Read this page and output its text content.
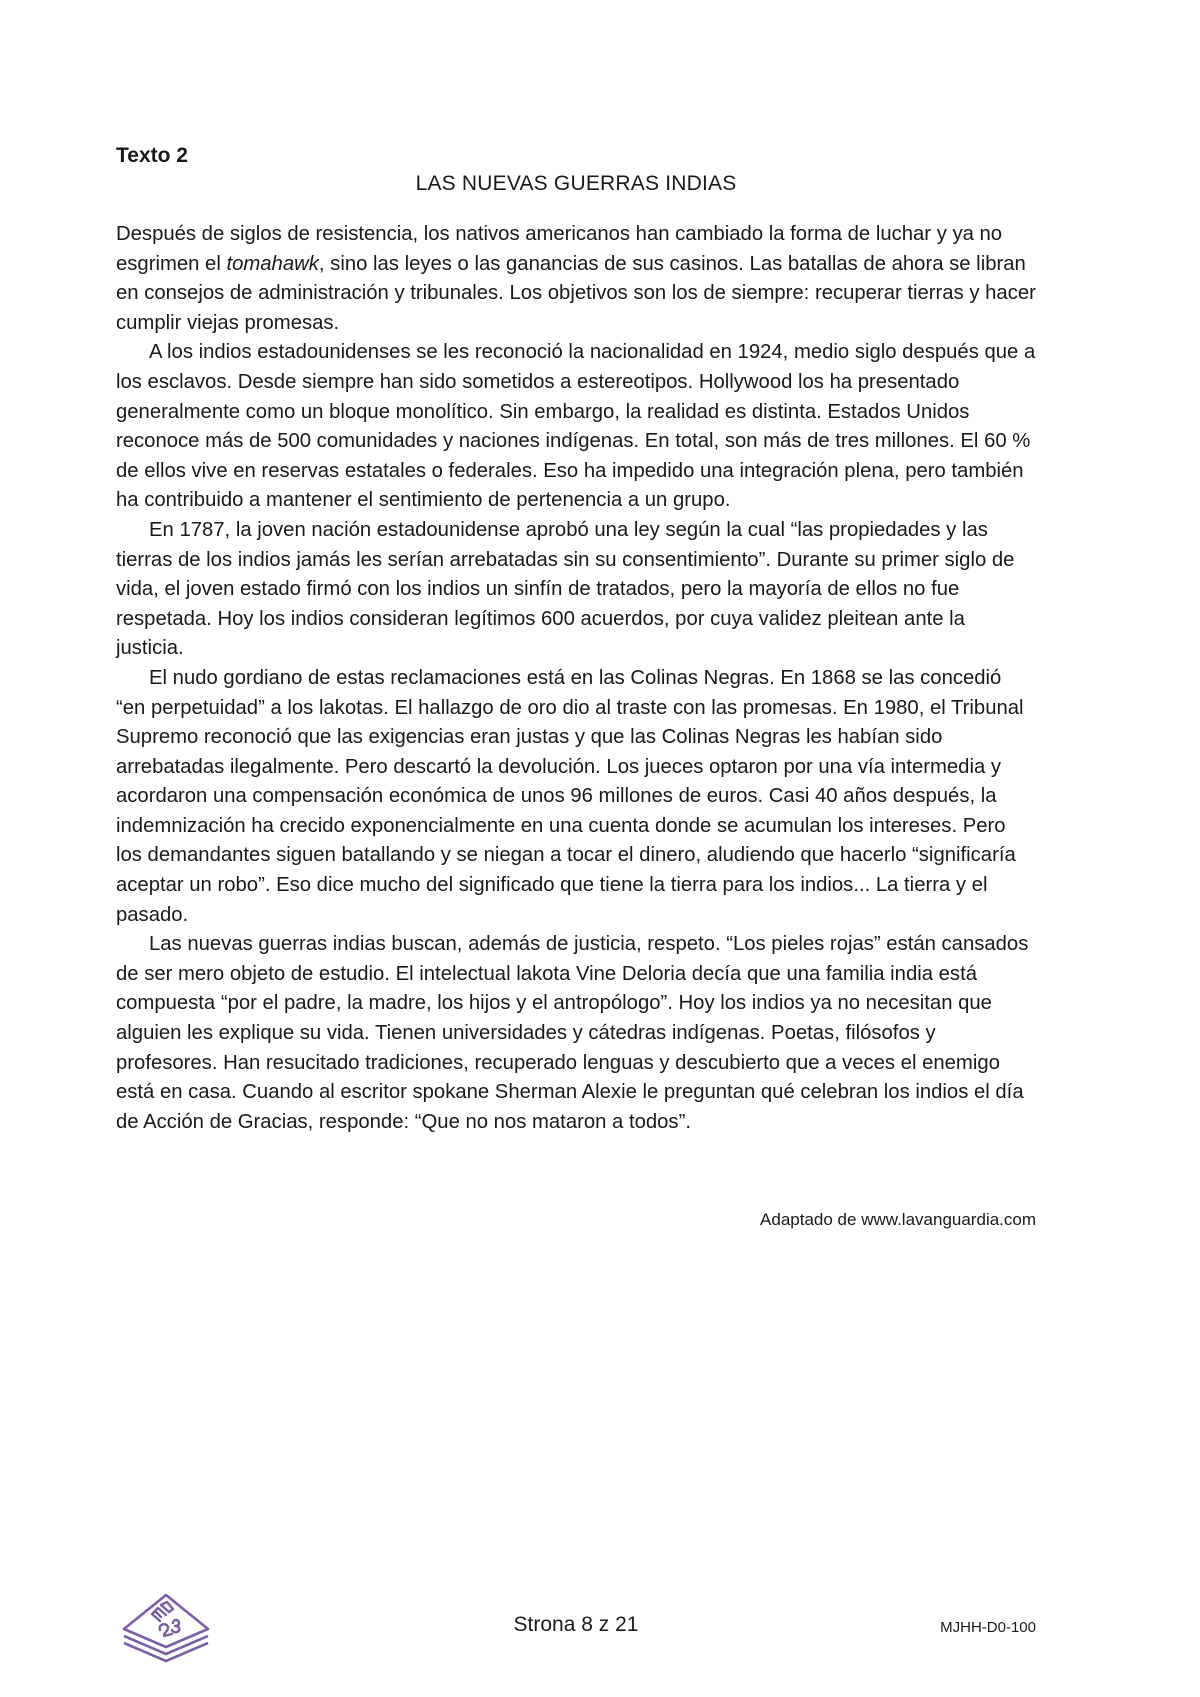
Texto 2
LAS NUEVAS GUERRAS INDIAS

Después de siglos de resistencia, los nativos americanos han cambiado la forma de luchar y ya no esgrimen el tomahawk, sino las leyes o las ganancias de sus casinos. Las batallas de ahora se libran en consejos de administración y tribunales. Los objetivos son los de siempre: recuperar tierras y hacer cumplir viejas promesas.

A los indios estadounidenses se les reconoció la nacionalidad en 1924, medio siglo después que a los esclavos. Desde siempre han sido sometidos a estereotipos. Hollywood los ha presentado generalmente como un bloque monolítico. Sin embargo, la realidad es distinta. Estados Unidos reconoce más de 500 comunidades y naciones indígenas. En total, son más de tres millones. El 60 % de ellos vive en reservas estatales o federales. Eso ha impedido una integración plena, pero también ha contribuido a mantener el sentimiento de pertenencia a un grupo.

En 1787, la joven nación estadounidense aprobó una ley según la cual “las propiedades y las tierras de los indios jamás les serían arrebatadas sin su consentimiento”. Durante su primer siglo de vida, el joven estado firmó con los indios un sinfín de tratados, pero la mayoría de ellos no fue respetada. Hoy los indios consideran legítimos 600 acuerdos, por cuya validez pleitean ante la justicia.

El nudo gordiano de estas reclamaciones está en las Colinas Negras. En 1868 se las concedió “en perpetuidad” a los lakotas. El hallazgo de oro dio al traste con las promesas. En 1980, el Tribunal Supremo reconoció que las exigencias eran justas y que las Colinas Negras les habían sido arrebatadas ilegalmente. Pero descartó la devolución. Los jueces optaron por una vía intermedia y acordaron una compensación económica de unos 96 millones de euros. Casi 40 años después, la indemnización ha crecido exponencialmente en una cuenta donde se acumulan los intereses. Pero los demandantes siguen batallando y se niegan a tocar el dinero, aludiendo que hacerlo “significaría aceptar un robo”. Eso dice mucho del significado que tiene la tierra para los indios... La tierra y el pasado.

Las nuevas guerras indias buscan, además de justicia, respeto. “Los pieles rojas” están cansados de ser mero objeto de estudio. El intelectual lakota Vine Deloria decía que una familia india está compuesta “por el padre, la madre, los hijos y el antropólogo”. Hoy los indios ya no necesitan que alguien les explique su vida. Tienen universidades y cátedras indígenas. Poetas, filósofos y profesores. Han resucitado tradiciones, recuperado lenguas y descubierto que a veces el enemigo está en casa. Cuando al escritor spokane Sherman Alexie le preguntan qué celebran los indios el día de Acción de Gracias, responde: “Que no nos mataron a todos”.

Adaptado de www.lavanguardia.com
Strona 8 z 21	MJHH-D0-100
